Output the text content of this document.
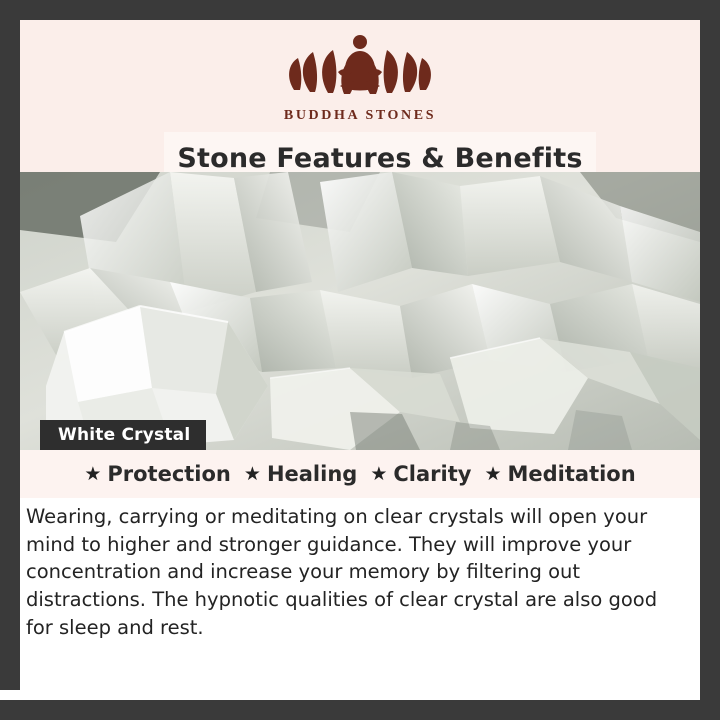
BUDDHA STONES
Stone Features & Benefits
White Crystal
★ Protection ★ Healing ★ Clarity ★ Meditation
Wearing, carrying or meditating on clear crystals will open your mind to higher and stronger guidance. They will improve your concentration and increase your memory by filtering out distractions. The hypnotic qualities of clear crystal are also good for sleep and rest.
